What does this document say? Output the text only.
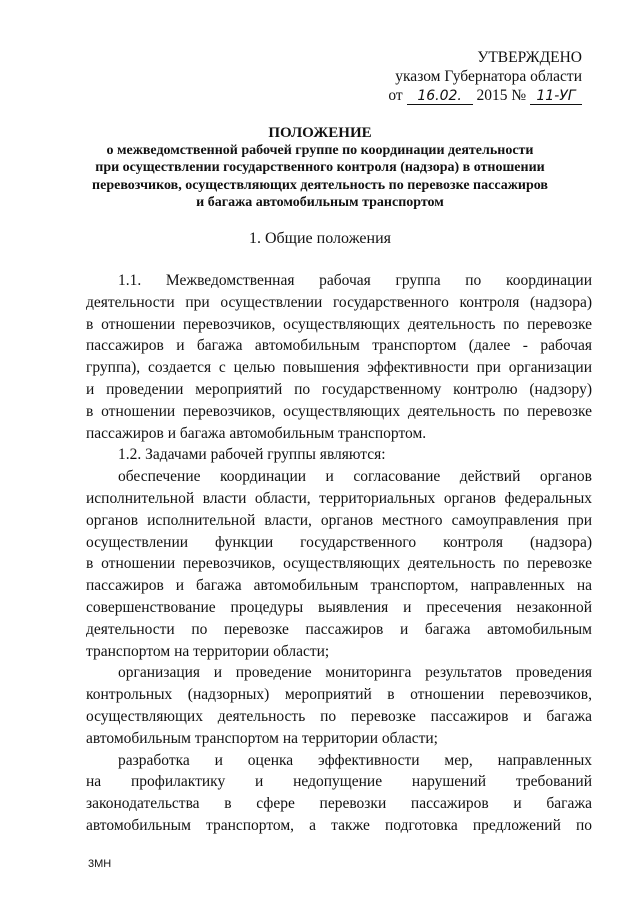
УТВЕРЖДЕНО
указом Губернатора области
от 16.02. 2015 № 11-УГ
ПОЛОЖЕНИЕ
о межведомственной рабочей группе по координации деятельности
при осуществлении государственного контроля (надзора) в отношении
перевозчиков, осуществляющих деятельность по перевозке пассажиров
и багажа автомобильным транспортом
1. Общие положения

1.1. Межведомственная рабочая группа по координации
деятельности при осуществлении государственного контроля (надзора)
в отношении перевозчиков, осуществляющих деятельность по перевозке
пассажиров и багажа автомобильным транспортом (далее - рабочая
группа), создается с целью повышения эффективности при организации
и проведении мероприятий по государственному контролю (надзору)
в отношении перевозчиков, осуществляющих деятельность по перевозке
пассажиров и багажа автомобильным транспортом.

1.2. Задачами рабочей группы являются:

обеспечение координации и согласование действий органов
исполнительной власти области, территориальных органов федеральных
органов исполнительной власти, органов местного самоуправления при
осуществлении функции государственного контроля (надзора)
в отношении перевозчиков, осуществляющих деятельность по перевозке
пассажиров и багажа автомобильным транспортом, направленных на
совершенствование процедуры выявления и пресечения незаконной
деятельности по перевозке пассажиров и багажа автомобильным
транспортом на территории области;

организация и проведение мониторинга результатов проведения
контрольных (надзорных) мероприятий в отношении перевозчиков,
осуществляющих деятельность по перевозке пассажиров и багажа
автомобильным транспортом на территории области;

разработка и оценка эффективности мер, направленных
на профилактику и недопущение нарушений требований
законодательства в сфере перевозки пассажиров и багажа
автомобильным транспортом, а также подготовка предложений по

3МН
